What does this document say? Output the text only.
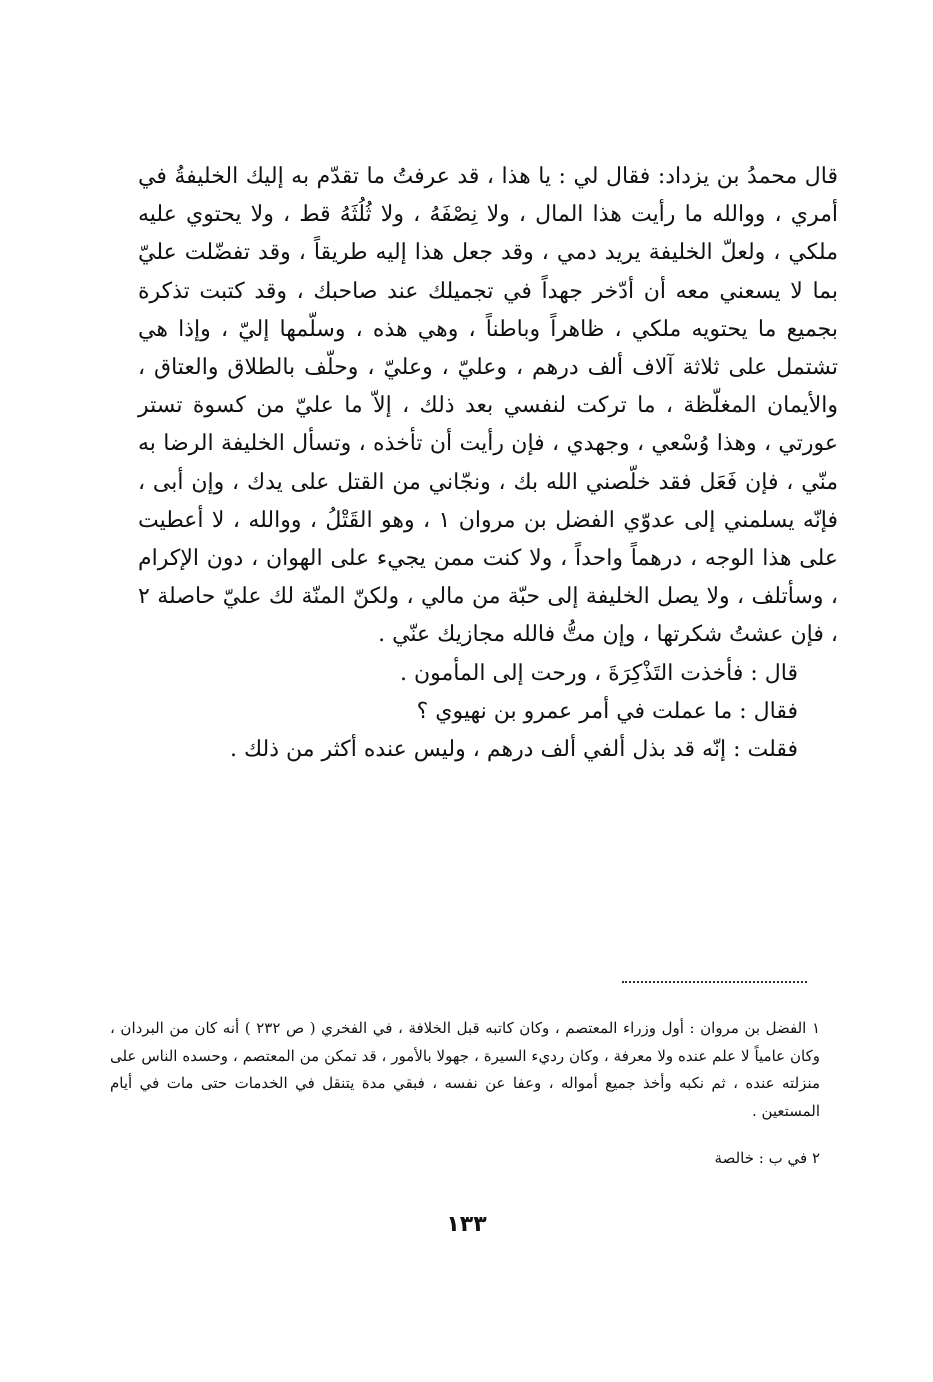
قال محمدُ بن يزداد: فقال لي : يا هذا ، قد عرفتُ ما تقدّم به إليك الخليفةُ في أمري ، ووالله ما رأيت هذا المال ، ولا نِصْفَهُ ، ولا ثُلُثَهُ قط ، ولا يحتوي عليه ملكي ، ولعلّ الخليفة يريد دمي ، وقد جعل هذا إليه طريقاً ، وقد تفضّلت عليّ بما لا يسعني معه أن أدّخر جهداً في تجميلك عند صاحبك ، وقد كتبت تذكرة بجميع ما يحتويه ملكي ، ظاهراً وباطناً ، وهي هذه ، وسلّمها إليّ ، وإذا هي تشتمل على ثلاثة آلاف ألف درهم ، وعليّ ، وعليّ ، وحلّف بالطلاق والعتاق ، والأيمان المغلّظة ، ما تركت لنفسي بعد ذلك ، إلاّ ما عليّ من كسوة تستر عورتي ، وهذا وُسْعي ، وجهدي ، فإن رأيت أن تأخذه ، وتسأل الخليفة الرضا به منّي ، فإن فَعَل فقد خلّصني الله بك ، ونجّاني من القتل على يدك ، وإن أبى ، فإنّه يسلمني إلى عدوّي الفضل بن مروان ١ ، وهو القَتْلُ ، ووالله ، لا أعطيت على هذا الوجه ، درهماً واحداً ، ولا كنت ممن يجيء على الهوان ، دون الإكرام ، وسأتلف ، ولا يصل الخليفة إلى حبّة من مالي ، ولكنّ المنّة لك عليّ حاصلة ٢ ، فإن عشتُ شكرتها ، وإن متُّ فالله مجازيك عنّي .

قال : فأخذت التَذْكِرَةَ ، ورحت إلى المأمون .

فقال : ما عملت في أمر عمرو بن نهيوي ؟

فقلت : إنّه قد بذل ألفي ألف درهم ، وليس عنده أكثر من ذلك .

١ الفضل بن مروان : أول وزراء المعتصم ، وكان كاتبه قبل الخلافة ، في الفخري ( ص ٢٣٢ ) أنه كان من البردان ، وكان عامياً لا علم عنده ولا معرفة ، وكان رديء السيرة ، جهولا بالأمور ، قد تمكن من المعتصم ، وحسده الناس على منزلته عنده ، ثم نكبه وأخذ جميع أمواله ، وعفا عن نفسه ، فبقي مدة يتنقل في الخدمات حتى مات في أيام المستعين .

٢ في ب : خالصة

١٣٣
